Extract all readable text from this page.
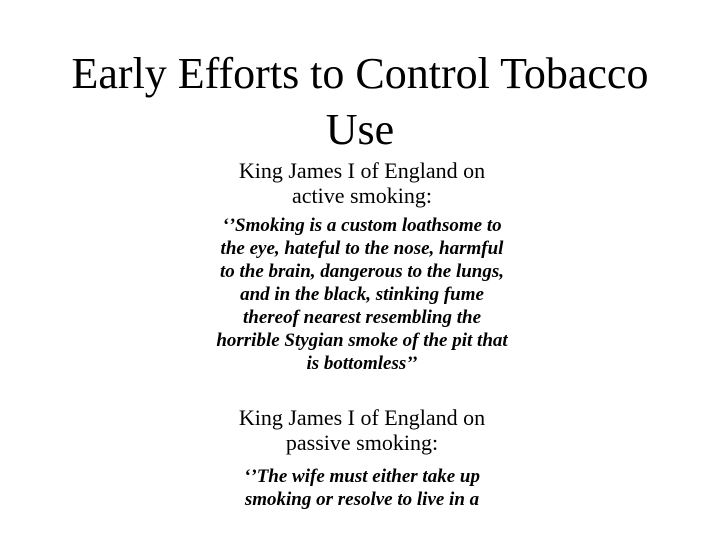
Early Efforts to Control Tobacco Use

King James I of England on active smoking:

‘’Smoking is a custom loathsome to the eye, hateful to the nose, harmful to the brain, dangerous to the lungs, and in the black, stinking fume thereof nearest resembling the horrible Stygian smoke of the pit that is bottomless’’

King James I of England on passive smoking:

‘’The wife must either take up smoking or resolve to live in a
